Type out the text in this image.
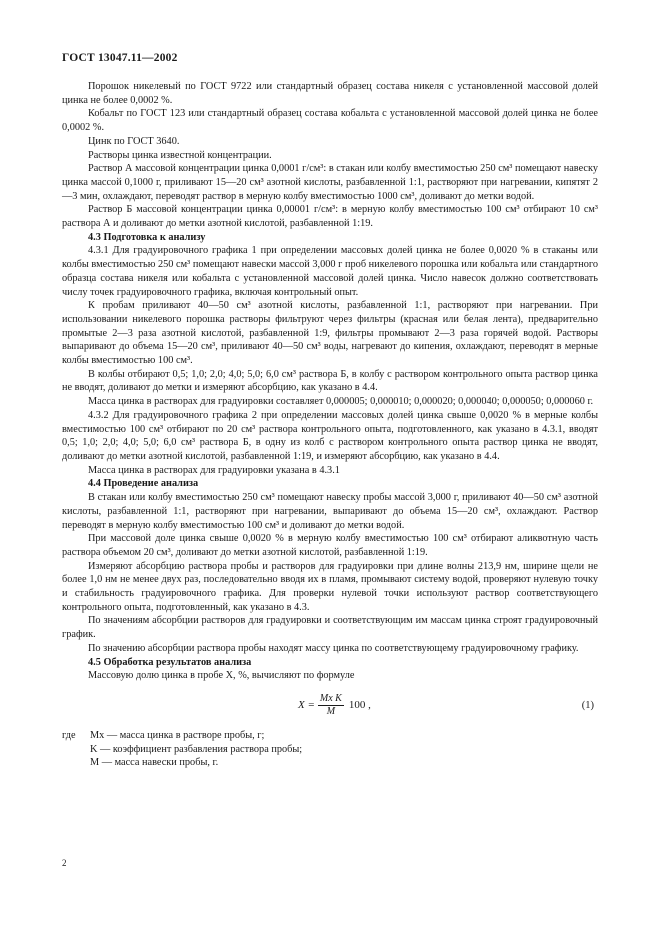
ГОСТ 13047.11—2002

Порошок никелевый по ГОСТ 9722 или стандартный образец состава никеля с установленной массовой долей цинка не более 0,0002 %.

Кобальт по ГОСТ 123 или стандартный образец состава кобальта с установленной массовой долей цинка не более 0,0002 %.

Цинк по ГОСТ 3640.

Растворы цинка известной концентрации.

Раствор А массовой концентрации цинка 0,0001 г/см³: в стакан или колбу вместимостью 250 см³ помещают навеску цинка массой 0,1000 г, приливают 15—20 см³ азотной кислоты, разбавленной 1:1, растворяют при нагревании, кипятят 2—3 мин, охлаждают, переводят раствор в мерную колбу вместимостью 1000 см³, доливают до метки водой.

Раствор Б массовой концентрации цинка 0,00001 г/см³: в мерную колбу вместимостью 100 см³ отбирают 10 см³ раствора А и доливают до метки азотной кислотой, разбавленной 1:19.

4.3 Подготовка к анализу

4.3.1 Для градуировочного графика 1 при определении массовых долей цинка не более 0,0020 % в стаканы или колбы вместимостью 250 см³ помещают навески массой 3,000 г проб никелевого порошка или кобальта или стандартного образца состава никеля или кобальта с установленной массовой долей цинка. Число навесок должно соответствовать числу точек градуировочного графика, включая контрольный опыт.

К пробам приливают 40—50 см³ азотной кислоты, разбавленной 1:1, растворяют при нагревании. При использовании никелевого порошка растворы фильтруют через фильтры (красная или белая лента), предварительно промытые 2—3 раза азотной кислотой, разбавленной 1:9, фильтры промывают 2—3 раза горячей водой. Растворы выпаривают до объема 15—20 см³, приливают 40—50 см³ воды, нагревают до кипения, охлаждают, переводят в мерные колбы вместимостью 100 см³.

В колбы отбирают 0,5; 1,0; 2,0; 4,0; 5,0; 6,0 см³ раствора Б, в колбу с раствором контрольного опыта раствор цинка не вводят, доливают до метки и измеряют абсорбцию, как указано в 4.4.

Масса цинка в растворах для градуировки составляет 0,000005; 0,000010; 0,000020; 0,000040; 0,000050; 0,000060 г.

4.3.2 Для градуировочного графика 2 при определении массовых долей цинка свыше 0,0020 % в мерные колбы вместимостью 100 см³ отбирают по 20 см³ раствора контрольного опыта, подготовленного, как указано в 4.3.1, вводят 0,5; 1,0; 2,0; 4,0; 5,0; 6,0 см³ раствора Б, в одну из колб с раствором контрольного опыта раствор цинка не вводят, доливают до метки азотной кислотой, разбавленной 1:19, и измеряют абсорбцию, как указано в 4.4.

Масса цинка в растворах для градуировки указана в 4.3.1

4.4 Проведение анализа

В стакан или колбу вместимостью 250 см³ помещают навеску пробы массой 3,000 г, приливают 40—50 см³ азотной кислоты, разбавленной 1:1, растворяют при нагревании, выпаривают до объема 15—20 см³, охлаждают. Раствор переводят в мерную колбу вместимостью 100 см³ и доливают до метки водой.

При массовой доле цинка свыше 0,0020 % в мерную колбу вместимостью 100 см³ отбирают аликвотную часть раствора объемом 20 см³, доливают до метки азотной кислотой, разбавленной 1:19.

Измеряют абсорбцию раствора пробы и растворов для градуировки при длине волны 213,9 нм, ширине щели не более 1,0 нм не менее двух раз, последовательно вводя их в пламя, промывают систему водой, проверяют нулевую точку и стабильность градуировочного графика. Для проверки нулевой точки используют раствор соответствующего контрольного опыта, подготовленный, как указано в 4.3.

По значениям абсорбции растворов для градуировки и соответствующим им массам цинка строят градуировочный график.

По значению абсорбции раствора пробы находят массу цинка по соответствующему градуировочному графику.

4.5 Обработка результатов анализа

Массовую долю цинка в пробе X, %, вычисляют по формуле

$X = \frac{\text{Mx K}}{M} 100$ ,	(1)
где	Mx — масса цинка в растворе пробы, г;
K — коэффициент разбавления раствора пробы;
M — масса навески пробы, г.
2
